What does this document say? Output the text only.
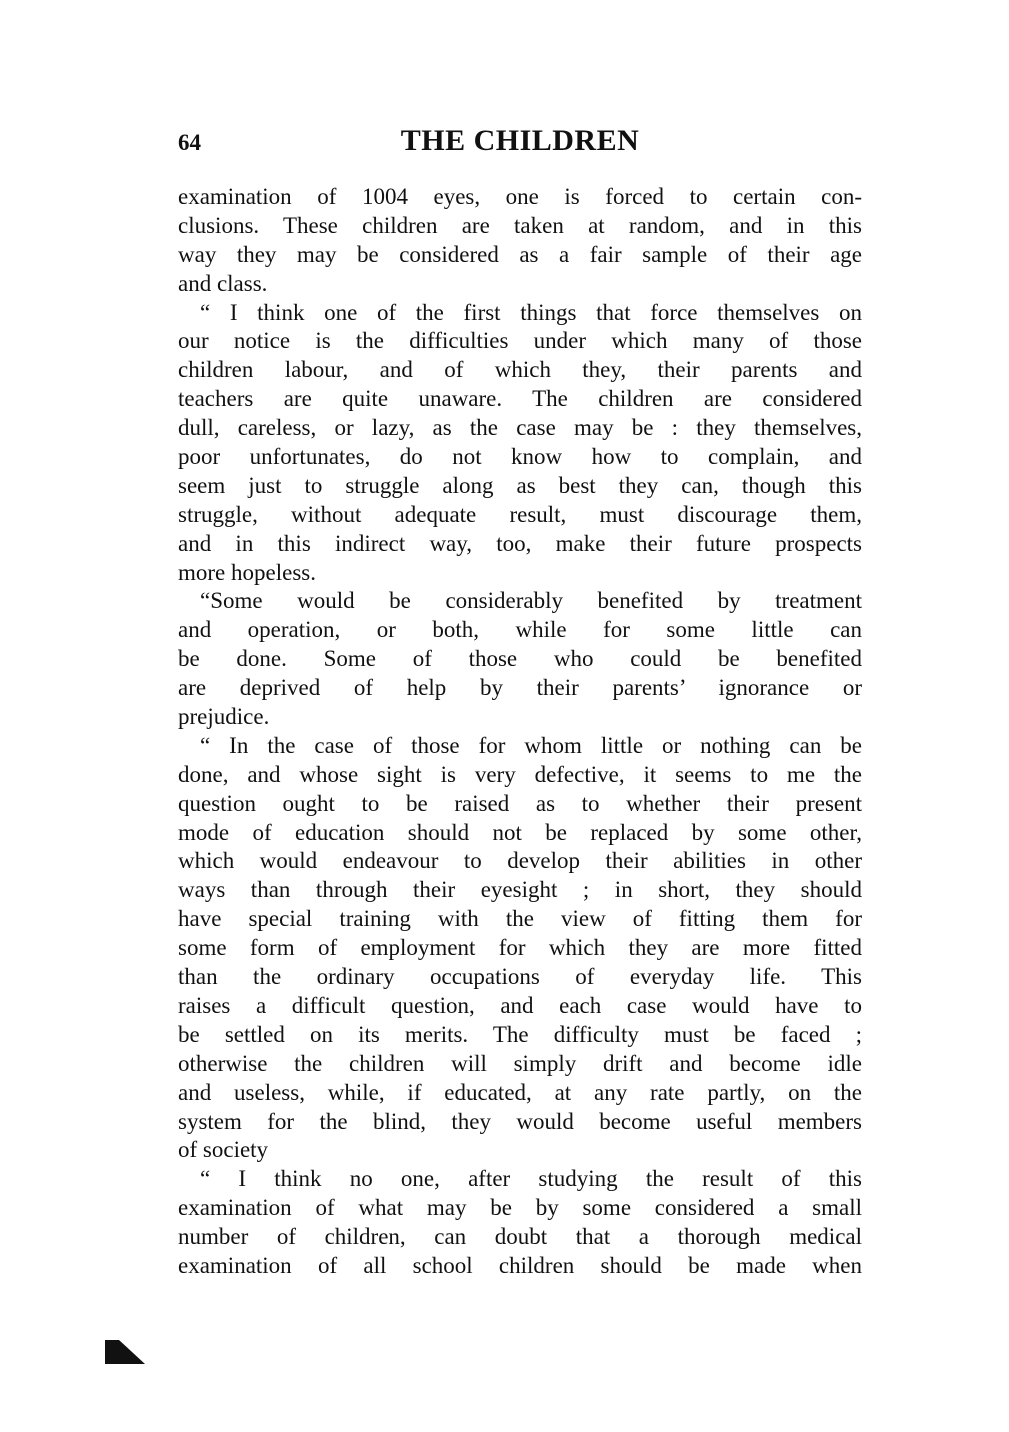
64	THE CHILDREN
examination of 1004 eyes, one is forced to certain con-
clusions. These children are taken at random, and in this
way they may be considered as a fair sample of their age
and class.
“ I think one of the first things that force themselves on
our notice is the difficulties under which many of those
children labour, and of which they, their parents and
teachers are quite unaware. The children are considered
dull, careless, or lazy, as the case may be : they themselves,
poor unfortunates, do not know how to complain, and
seem just to struggle along as best they can, though this
struggle, without adequate result, must discourage them,
and in this indirect way, too, make their future prospects
more hopeless.
“Some would be considerably benefited by treatment
and operation, or both, while for some little can
be done. Some of those who could be benefited
are deprived of help by their parents’ ignorance or
prejudice.
“ In the case of those for whom little or nothing can be
done, and whose sight is very defective, it seems to me the
question ought to be raised as to whether their present
mode of education should not be replaced by some other,
which would endeavour to develop their abilities in other
ways than through their eyesight ; in short, they should
have special training with the view of fitting them for
some form of employment for which they are more fitted
than the ordinary occupations of everyday life. This
raises a difficult question, and each case would have to
be settled on its merits. The difficulty must be faced ;
otherwise the children will simply drift and become idle
and useless, while, if educated, at any rate partly, on the
system for the blind, they would become useful members
of society
“ I think no one, after studying the result of this
examination of what may be by some considered a small
number of children, can doubt that a thorough medical
examination of all school children should be made when
